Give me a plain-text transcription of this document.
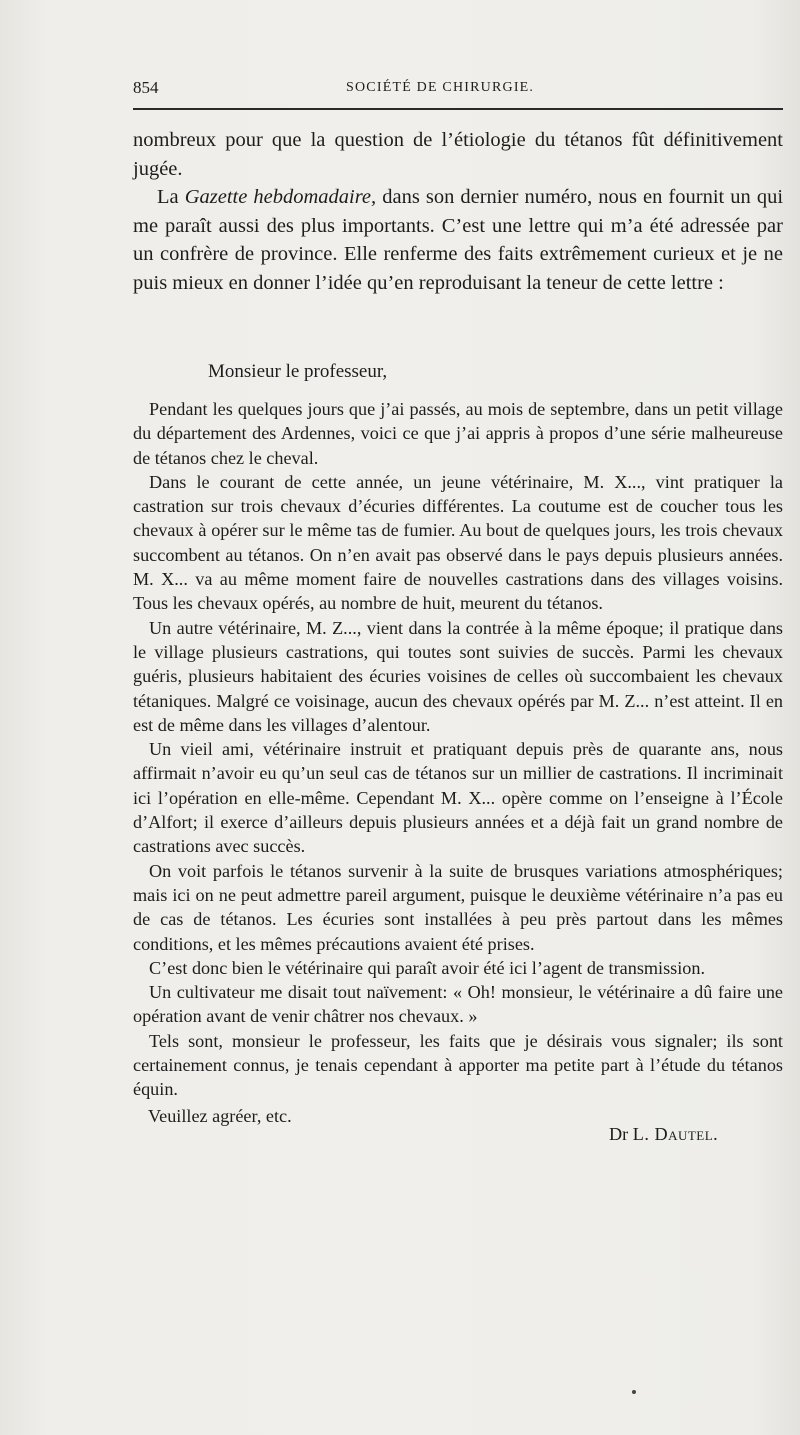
854	SOCIÉTÉ DE CHIRURGIE.

nombreux pour que la question de l’étiologie du tétanos fût définitivement jugée.

La Gazette hebdomadaire, dans son dernier numéro, nous en fournit un qui me paraît aussi des plus importants. C’est une lettre qui m’a été adressée par un confrère de province. Elle renferme des faits extrêmement curieux et je ne puis mieux en donner l’idée qu’en reproduisant la teneur de cette lettre :

Monsieur le professeur,

Pendant les quelques jours que j’ai passés, au mois de septembre, dans un petit village du département des Ardennes, voici ce que j’ai appris à propos d’une série malheureuse de tétanos chez le cheval.

Dans le courant de cette année, un jeune vétérinaire, M. X..., vint pratiquer la castration sur trois chevaux d’écuries différentes. La coutume est de coucher tous les chevaux à opérer sur le même tas de fumier. Au bout de quelques jours, les trois chevaux succombent au tétanos. On n’en avait pas observé dans le pays depuis plusieurs années. M. X... va au même moment faire de nouvelles castrations dans des villages voisins. Tous les chevaux opérés, au nombre de huit, meurent du tétanos.

Un autre vétérinaire, M. Z..., vient dans la contrée à la même époque; il pratique dans le village plusieurs castrations, qui toutes sont suivies de succès. Parmi les chevaux guéris, plusieurs habitaient des écuries voisines de celles où succombaient les chevaux tétaniques. Malgré ce voisinage, aucun des chevaux opérés par M. Z... n’est atteint. Il en est de même dans les villages d’alentour.

Un vieil ami, vétérinaire instruit et pratiquant depuis près de quarante ans, nous affirmait n’avoir eu qu’un seul cas de tétanos sur un millier de castrations. Il incriminait ici l’opération en elle-même. Cependant M. X... opère comme on l’enseigne à l’École d’Alfort; il exerce d’ailleurs depuis plusieurs années et a déjà fait un grand nombre de castrations avec succès.

On voit parfois le tétanos survenir à la suite de brusques variations atmosphériques; mais ici on ne peut admettre pareil argument, puisque le deuxième vétérinaire n’a pas eu de cas de tétanos. Les écuries sont installées à peu près partout dans les mêmes conditions, et les mêmes précautions avaient été prises.

C’est donc bien le vétérinaire qui paraît avoir été ici l’agent de transmission.

Un cultivateur me disait tout naïvement: « Oh! monsieur, le vétérinaire a dû faire une opération avant de venir châtrer nos chevaux. »

Tels sont, monsieur le professeur, les faits que je désirais vous signaler; ils sont certainement connus, je tenais cependant à apporter ma petite part à l’étude du tétanos équin.

Veuillez agréer, etc.
Dr L. Dautel.
